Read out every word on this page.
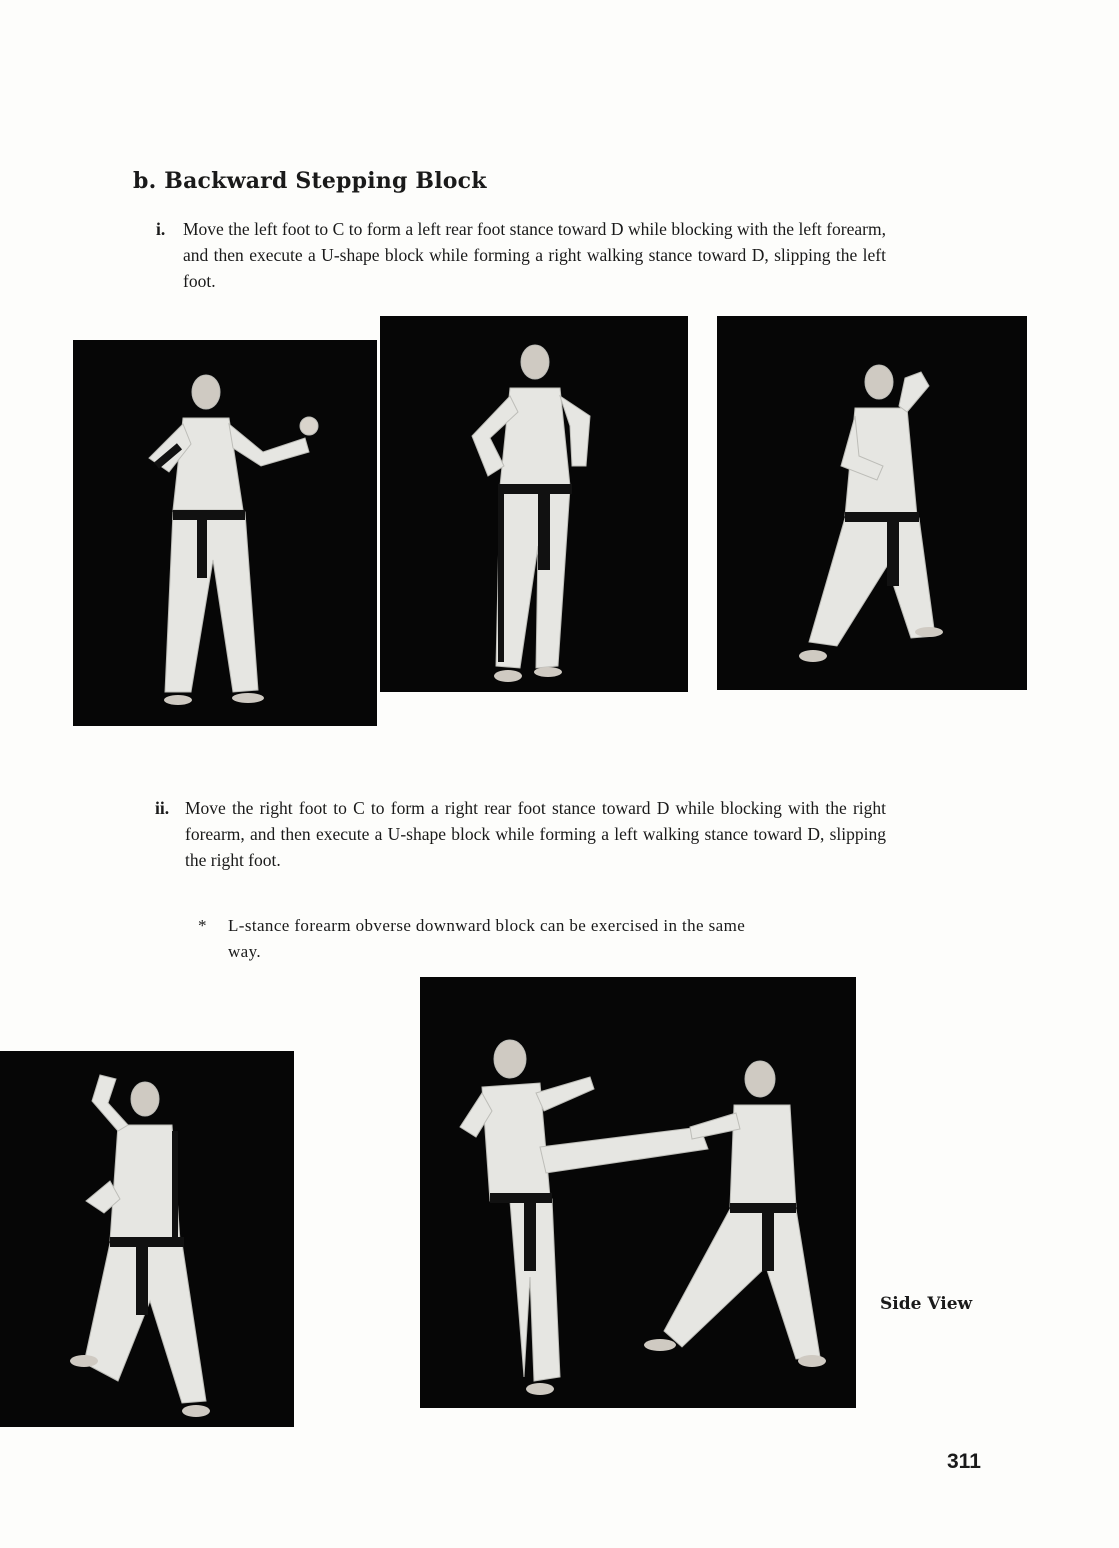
b. Backward Stepping Block

i. Move the left foot to C to form a left rear foot stance toward D while blocking with the left forearm, and then execute a U-shape block while forming a right walking stance toward D, slipping the left foot.

ii. Move the right foot to C to form a right rear foot stance toward D while blocking with the right forearm, and then execute a U-shape block while forming a left walking stance toward D, slipping the right foot.

* L-stance forearm obverse downward block can be exercised in the same way.

Side View

311
